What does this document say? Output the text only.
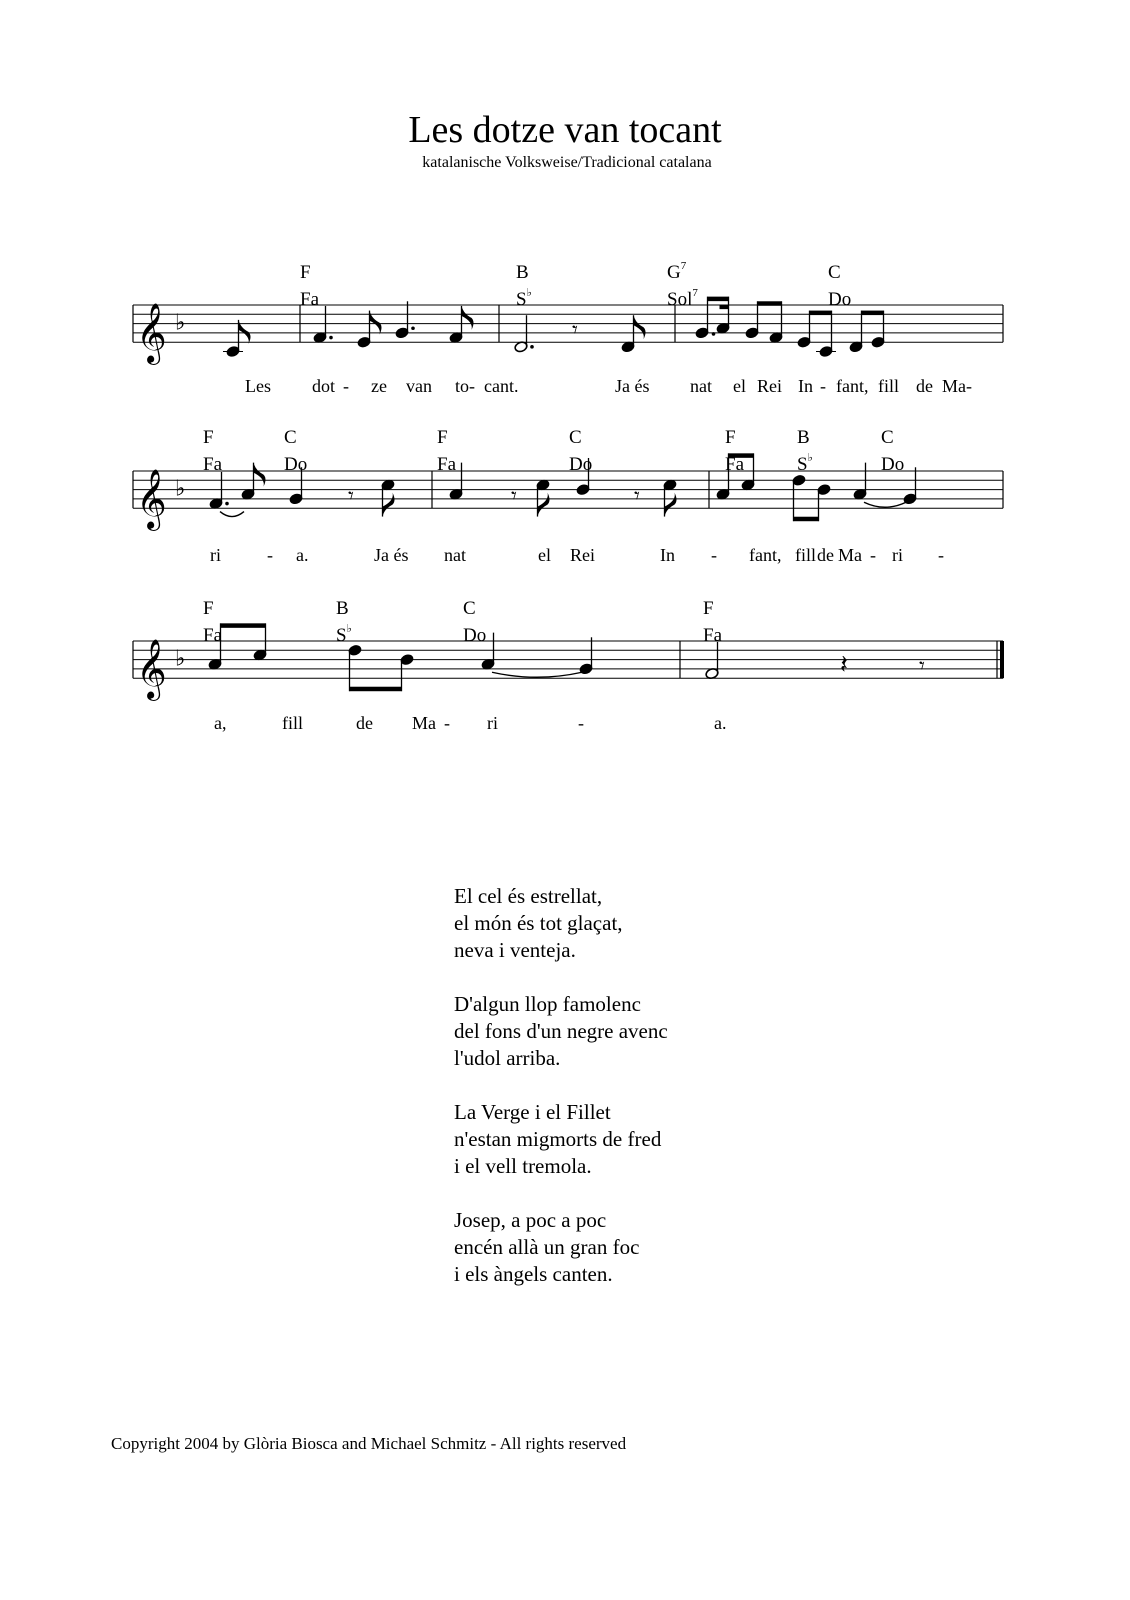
Les dotze van tocant
katalanische Volksweise/Tradicional catalana
𝄞 ♭	𝄾
F
Fa
B
S♭
$G^7$
Sol$^7$
C
Do
Les dot - ze van to - cant.	Ja és nat el Rei In - fant, fill de Ma-
𝄞 ♭	𝄾	𝄾	𝄾
F
Fa
C
Do
F
Fa
C
Do
F
Fa
B
S♭
C
Do
ri	- a.	Ja és nat	el Rei	In - fant, fill de Ma - ri -
𝄞 ♭	𝄽	𝄾
F
Fa
B
S♭
C
Do
F
Fa
a,	fill	de Ma - ri	-	a.
El cel és estrellat,
el món és tot glaçat,
neva i venteja.
D'algun llop famolenc
del fons d'un negre avenc
l'udol arriba.
La Verge i el Fillet
n'estan migmorts de fred
i el vell tremola.
Josep, a poc a poc
encén allà un gran foc
i els àngels canten.
Copyright 2004 by Glòria Biosca and Michael Schmitz - All rights reserved
